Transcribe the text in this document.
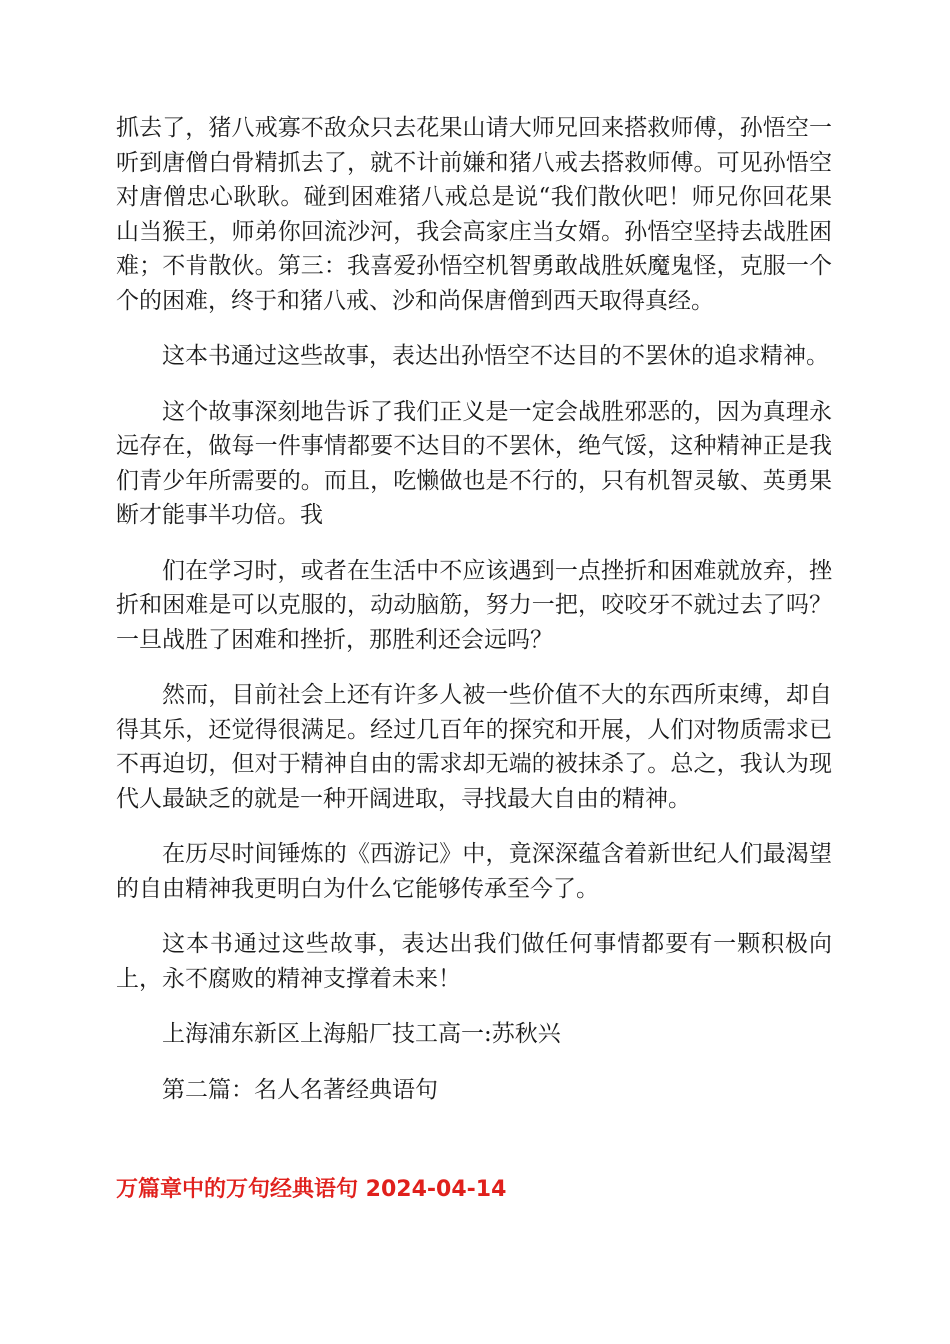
抓去了，猪八戒寡不敌众只去花果山请大师兄回来搭救师傅，孙悟空一听到唐僧白骨精抓去了，就不计前嫌和猪八戒去搭救师傅。可见孙悟空对唐僧忠心耿耿。碰到困难猪八戒总是说“我们散伙吧！师兄你回花果山当猴王，师弟你回流沙河，我会高家庄当女婿。孙悟空坚持去战胜困难；不肯散伙。第三：我喜爱孙悟空机智勇敢战胜妖魔鬼怪，克服一个个的困难，终于和猪八戒、沙和尚保唐僧到西天取得真经。

这本书通过这些故事，表达出孙悟空不达目的不罢休的追求精神。

这个故事深刻地告诉了我们正义是一定会战胜邪恶的，因为真理永远存在，做每一件事情都要不达目的不罢休，绝气馁，这种精神正是我们青少年所需要的。而且，吃懒做也是不行的，只有机智灵敏、英勇果断才能事半功倍。我

们在学习时，或者在生活中不应该遇到一点挫折和困难就放弃，挫折和困难是可以克服的，动动脑筋，努力一把，咬咬牙不就过去了吗？一旦战胜了困难和挫折，那胜利还会远吗？

然而，目前社会上还有许多人被一些价值不大的东西所束缚，却自得其乐，还觉得很满足。经过几百年的探究和开展，人们对物质需求已不再迫切，但对于精神自由的需求却无端的被抹杀了。总之，我认为现代人最缺乏的就是一种开阔进取，寻找最大自由的精神。

在历尽时间锤炼的《西游记》中，竟深深蕴含着新世纪人们最渴望的自由精神我更明白为什么它能够传承至今了。

这本书通过这些故事，表达出我们做任何事情都要有一颗积极向上，永不腐败的精神支撑着未来！

上海浦东新区上海船厂技工高一:苏秋兴

第二篇：名人名著经典语句

万篇章中的万句经典语句 2024-04-14
